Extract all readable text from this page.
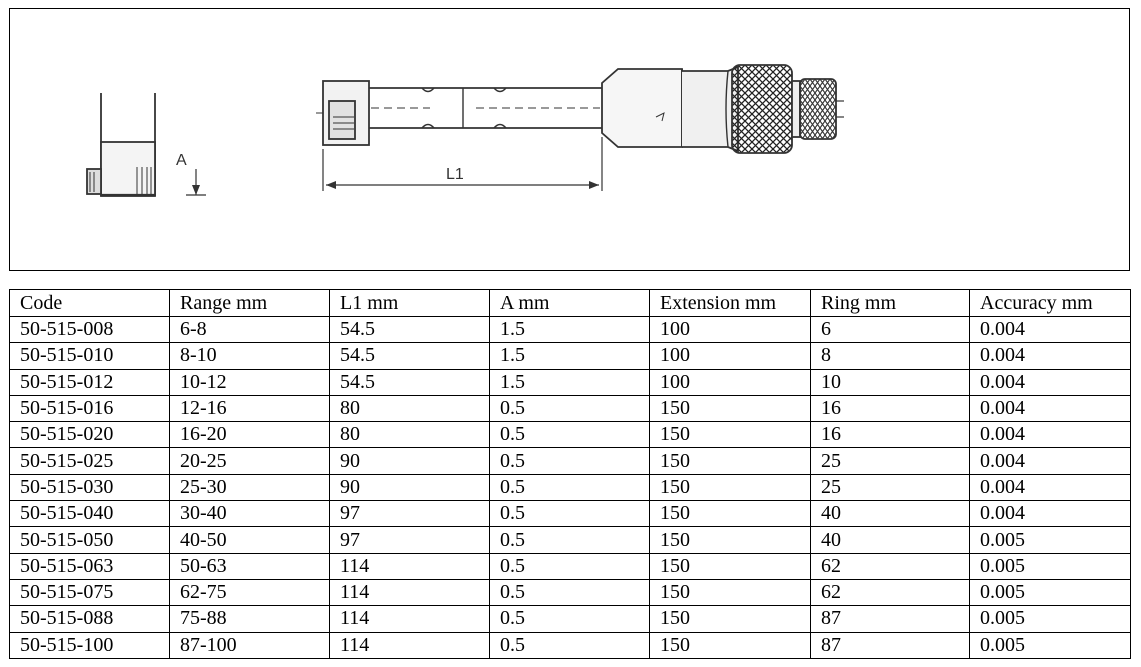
A
L1
Code	Range mm	L1 mm	A mm	Extension mm	Ring mm	Accuracy mm
50-515-008	6-8	54.5	1.5	100	6	0.004
50-515-010	8-10	54.5	1.5	100	8	0.004
50-515-012	10-12	54.5	1.5	100	10	0.004
50-515-016	12-16	80	0.5	150	16	0.004
50-515-020	16-20	80	0.5	150	16	0.004
50-515-025	20-25	90	0.5	150	25	0.004
50-515-030	25-30	90	0.5	150	25	0.004
50-515-040	30-40	97	0.5	150	40	0.004
50-515-050	40-50	97	0.5	150	40	0.005
50-515-063	50-63	114	0.5	150	62	0.005
50-515-075	62-75	114	0.5	150	62	0.005
50-515-088	75-88	114	0.5	150	87	0.005
50-515-100	87-100	114	0.5	150	87	0.005
